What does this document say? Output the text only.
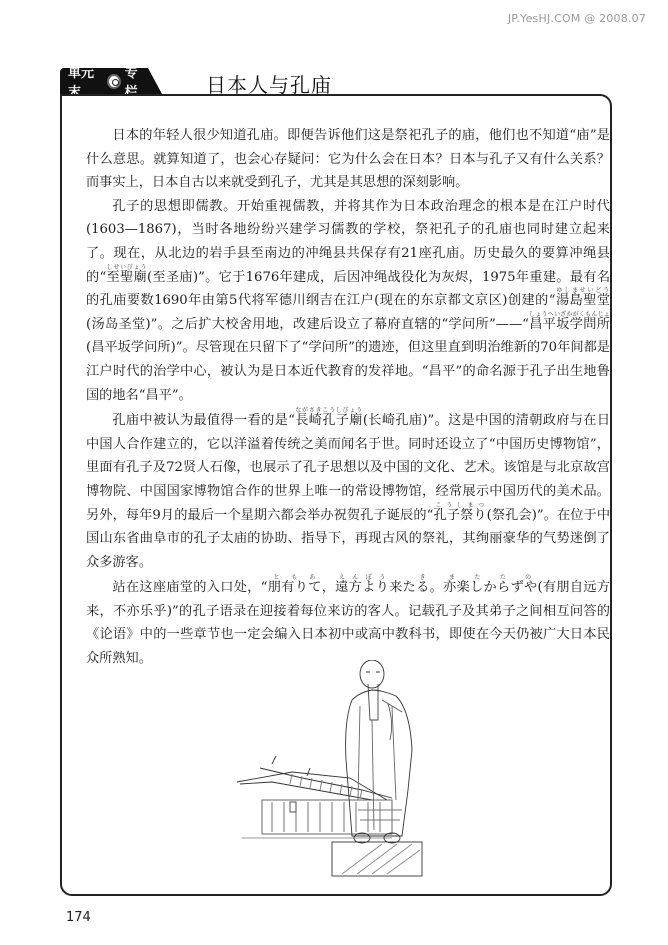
JP.YesHJ.COM @ 2008.07
单元末
专栏	日本人与孔庙

日本的年轻人很少知道孔庙。即便告诉他们这是祭祀孔子的庙，他们也不知道“庙”是什么意思。就算知道了，也会心存疑问：它为什么会在日本？日本与孔子又有什么关系？而事实上，日本自古以来就受到孔子，尤其是其思想的深刻影响。

孔子的思想即儒教。开始重视儒教，并将其作为日本政治理念的根本是在江户时代(1603—1867)，当时各地纷纷兴建学习儒教的学校，祭祀孔子的孔庙也同时建立起来了。现在，从北边的岩手县至南边的冲绳县共保存有21座孔庙。历史最久的要算冲绳县的“至聖廟しせいびょう(至圣庙)”。它于1676年建成，后因冲绳战役化为灰烬，1975年重建。最有名的孔庙要数1690年由第5代将军德川纲吉在江户(现在的东京都文京区)创建的“湯島聖堂ゆしませいどう(汤岛圣堂)”。之后扩大校舍用地，改建后设立了幕府直辖的“学问所”——“昌平坂学問所しょうへいざかがくもんじょ(昌平坂学问所)”。尽管现在只留下了“学问所”的遗迹，但这里直到明治维新的70年间都是江户时代的治学中心，被认为是日本近代教育的发祥地。“昌平”的命名源于孔子出生地鲁国的地名“昌平”。

孔庙中被认为最值得一看的是“長崎孔子廟ながさきこうしびょう(长崎孔庙)”。这是中国的清朝政府与在日中国人合作建立的，它以洋溢着传统之美而闻名于世。同时还设立了“中国历史博物馆”，里面有孔子及72贤人石像，也展示了孔子思想以及中国的文化、艺术。该馆是与北京故宫博物院、中国国家博物馆合作的世界上唯一的常设博物馆，经常展示中国历代的美术品。另外，每年9月的最后一个星期六都会举办祝贺孔子诞辰的“孔子祭りこうしまつ(祭孔会)”。在位于中国山东省曲阜市的孔子太庙的协助、指导下，再现古风的祭礼，其绚丽豪华的气势迷倒了众多游客。

站在这座庙堂的入口处，“朋有りてともあ，遠方より来たるえんぽう　　き。亦楽しからずやまたたの(有朋自远方来，不亦乐乎)”的孔子语录在迎接着每位来访的客人。记载孔子及其弟子之间相互问答的《论语》中的一些章节也一定会编入日本初中或高中教科书，即使在今天仍被广大日本民众所熟知。

174
